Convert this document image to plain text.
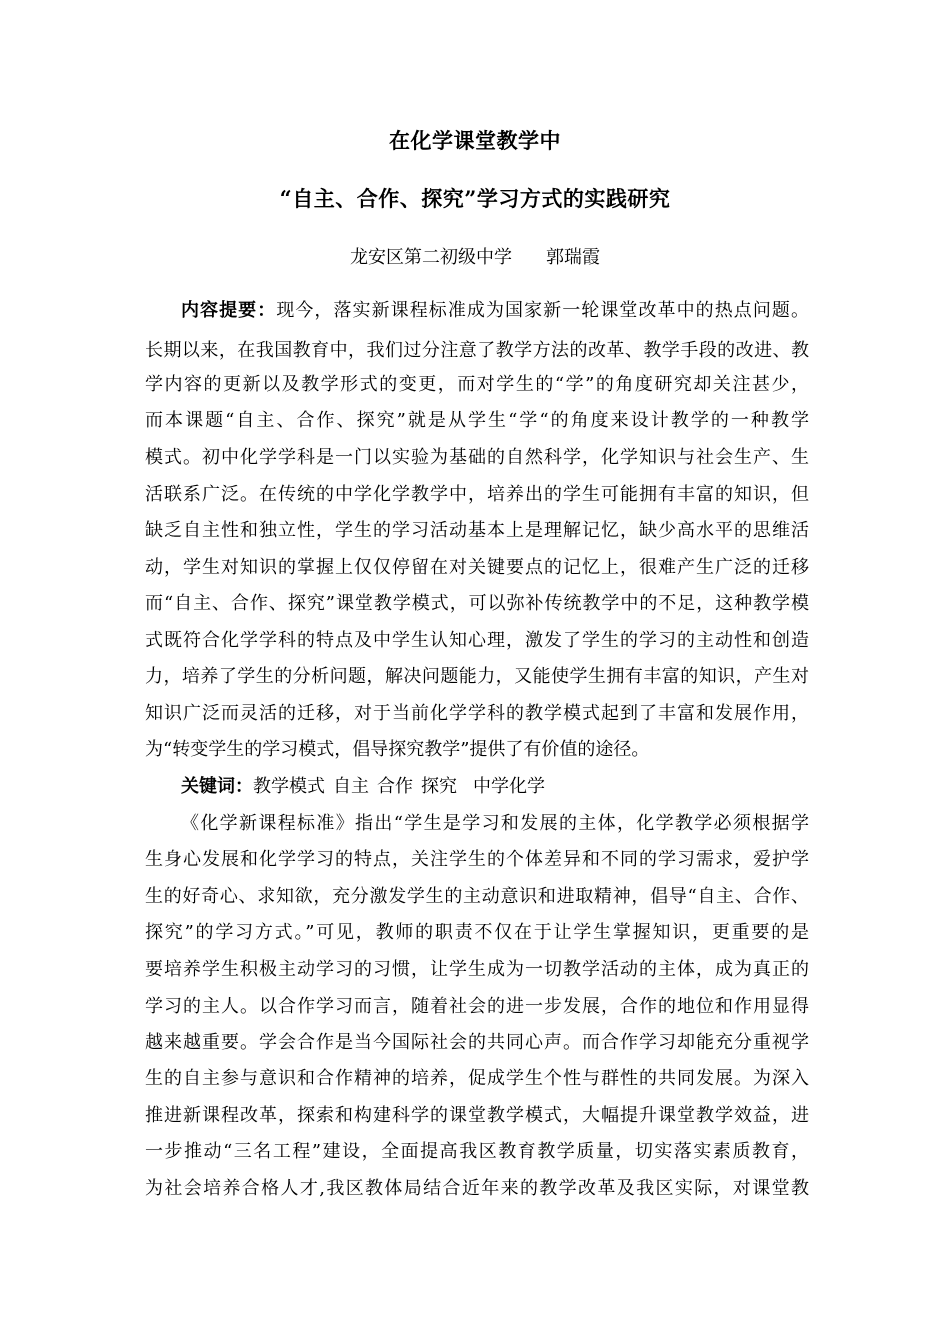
在化学课堂教学中
“自主、合作、探究”学习方式的实践研究
龙安区第二初级中学 郭瑞霞
内容提要：现今，落实新课程标准成为国家新一轮课堂改革中的热点问题。
长期以来，在我国教育中，我们过分注意了教学方法的改革、教学手段的改进、教
学内容的更新以及教学形式的变更，而对学生的“学”的角度研究却关注甚少，
而本课题“自主、合作、探究”就是从学生“学“的角度来设计教学的一种教学
模式。初中化学学科是一门以实验为基础的自然科学，化学知识与社会生产、生
活联系广泛。在传统的中学化学教学中，培养出的学生可能拥有丰富的知识，但
缺乏自主性和独立性，学生的学习活动基本上是理解记忆，缺少高水平的思维活
动，学生对知识的掌握上仅仅停留在对关键要点的记忆上，很难产生广泛的迁移
而“自主、合作、探究”课堂教学模式，可以弥补传统教学中的不足，这种教学模
式既符合化学学科的特点及中学生认知心理，激发了学生的学习的主动性和创造
力，培养了学生的分析问题，解决问题能力，又能使学生拥有丰富的知识，产生对
知识广泛而灵活的迁移，对于当前化学学科的教学模式起到了丰富和发展作用，
为“转变学生的学习模式，倡导探究教学”提供了有价值的途径。
关键词：教学模式 自主 合作 探究 中学化学
《化学新课程标准》指出“学生是学习和发展的主体，化学教学必须根据学
生身心发展和化学学习的特点，关注学生的个体差异和不同的学习需求，爱护学
生的好奇心、求知欲，充分激发学生的主动意识和进取精神，倡导“自主、合作、
探究”的学习方式。”可见，教师的职责不仅在于让学生掌握知识，更重要的是
要培养学生积极主动学习的习惯，让学生成为一切教学活动的主体，成为真正的
学习的主人。以合作学习而言，随着社会的进一步发展，合作的地位和作用显得
越来越重要。学会合作是当今国际社会的共同心声。而合作学习却能充分重视学
生的自主参与意识和合作精神的培养，促成学生个性与群性的共同发展。为深入
推进新课程改革，探索和构建科学的课堂教学模式，大幅提升课堂教学效益，进
一步推动“三名工程”建设，全面提高我区教育教学质量，切实落实素质教育，
为社会培养合格人才,我区教体局结合近年来的教学改革及我区实际，对课堂教
